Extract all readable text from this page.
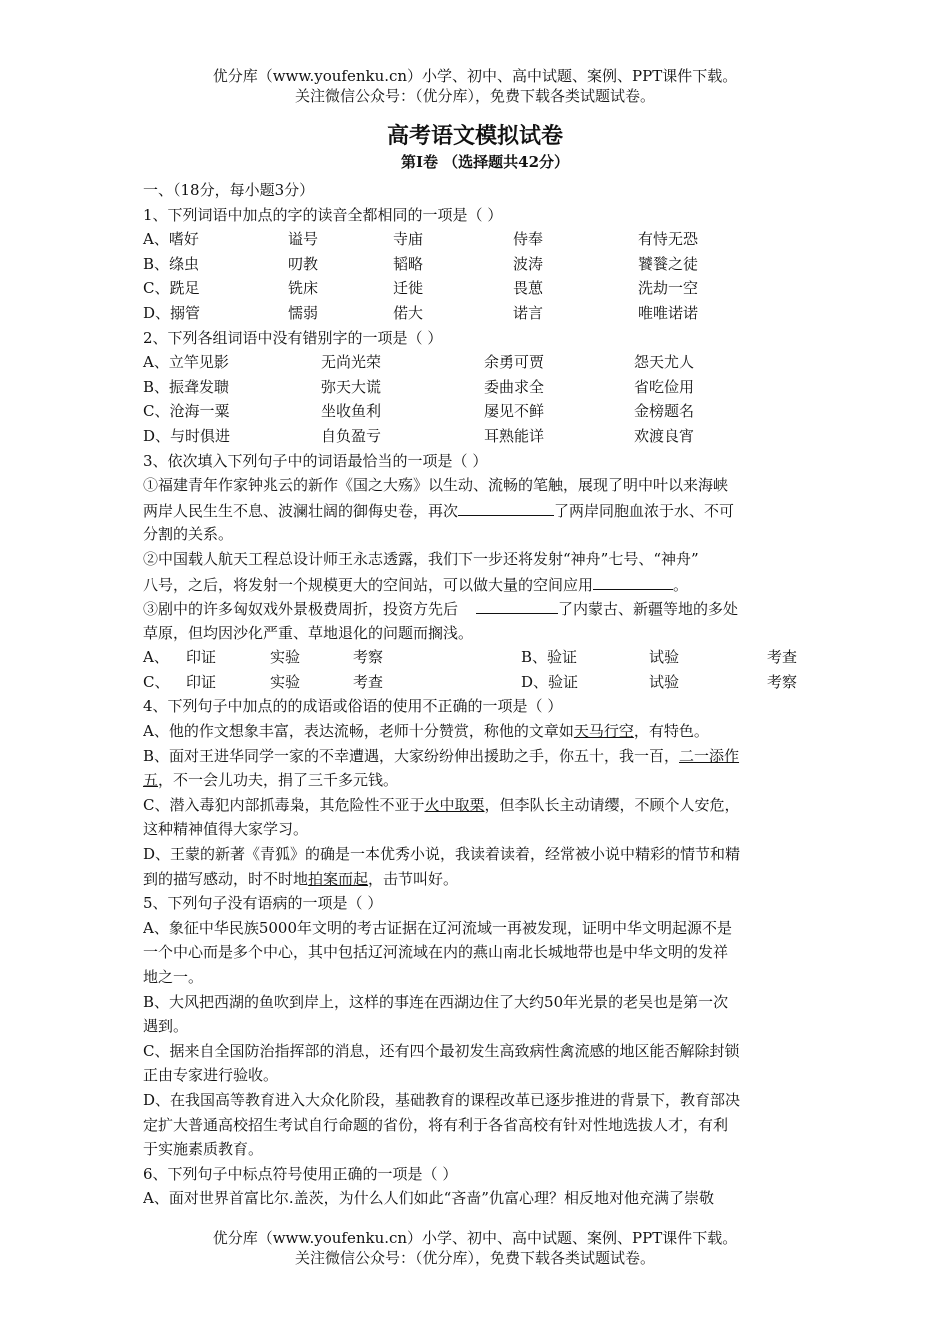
优分库（www.youfenku.cn）小学、初中、高中试题、案例、PPT课件下载。
关注微信公众号：（优分库），免费下载各类试题试卷。
高考语文模拟试卷
第Ⅰ卷 （选择题共42分）
一、（18分，每小题3分）
1、下列词语中加点的字的读音全都相同的一项是（ ）
A、嗜好	谥号	寺庙	侍奉	有恃无恐
B、绦虫	叨教	韬略	波涛	饕餮之徒
C、跣足	铣床	迁徙	畏葸	洗劫一空
D、搦管	懦弱	偌大	诺言	唯唯诺诺
2、下列各组词语中没有错别字的一项是（ ）
A、立竿见影	无尚光荣	余勇可贾	怨天尤人
B、振聋发聩	弥天大谎	委曲求全	省吃俭用
C、沧海一粟	坐收鱼利	屡见不鲜	金榜题名
D、与时俱进	自负盈亏	耳熟能详	欢渡良宵
3、依次填入下列句子中的词语最恰当的一项是（ ）
①福建青年作家钟兆云的新作《国之大殇》以生动、流畅的笔触，展现了明中叶以来海峡
两岸人民生生不息、波澜壮阔的御侮史卷，再次	了两岸同胞血浓于水、不可
分割的关系。
②中国载人航天工程总设计师王永志透露，我们下一步还将发射“神舟”七号、“神舟”
八号，之后，将发射一个规模更大的空间站，可以做大量的空间应用	。
③剧中的许多匈奴戏外景极费周折，投资方先后	了内蒙古、新疆等地的多处
草原，但均因沙化严重、草地退化的问题而搁浅。
A、	印证	实验	考察	B、验证	试验	考查
C、	印证	实验	考查	D、验证	试验	考察
4、下列句子中加点的的成语或俗语的使用不正确的一项是（ ）
A、他的作文想象丰富，表达流畅，老师十分赞赏，称他的文章如天马行空，有特色。
B、面对王进华同学一家的不幸遭遇，大家纷纷伸出援助之手，你五十，我一百，二一添作
五，不一会儿功夫，捐了三千多元钱。
C、潜入毒犯内部抓毒枭，其危险性不亚于火中取栗，但李队长主动请缨，不顾个人安危，
这种精神值得大家学习。
D、王蒙的新著《青狐》的确是一本优秀小说，我读着读着，经常被小说中精彩的情节和精
到的描写感动，时不时地拍案而起，击节叫好。
5、下列句子没有语病的一项是（ ）
A、象征中华民族5000年文明的考古证据在辽河流域一再被发现，证明中华文明起源不是
一个中心而是多个中心，其中包括辽河流域在内的燕山南北长城地带也是中华文明的发祥
地之一。
B、大风把西湖的鱼吹到岸上，这样的事连在西湖边住了大约50年光景的老吴也是第一次
遇到。
C、据来自全国防治指挥部的消息，还有四个最初发生高致病性禽流感的地区能否解除封锁
正由专家进行验收。
D、在我国高等教育进入大众化阶段，基础教育的课程改革已逐步推进的背景下，教育部决
定扩大普通高校招生考试自行命题的省份，将有利于各省高校有针对性地选拔人才，有利
于实施素质教育。
6、下列句子中标点符号使用正确的一项是（ ）
A、面对世界首富比尔.盖茨，为什么人们如此“吝啬”仇富心理？相反地对他充满了崇敬
优分库（www.youfenku.cn）小学、初中、高中试题、案例、PPT课件下载。
关注微信公众号：（优分库），免费下载各类试题试卷。
